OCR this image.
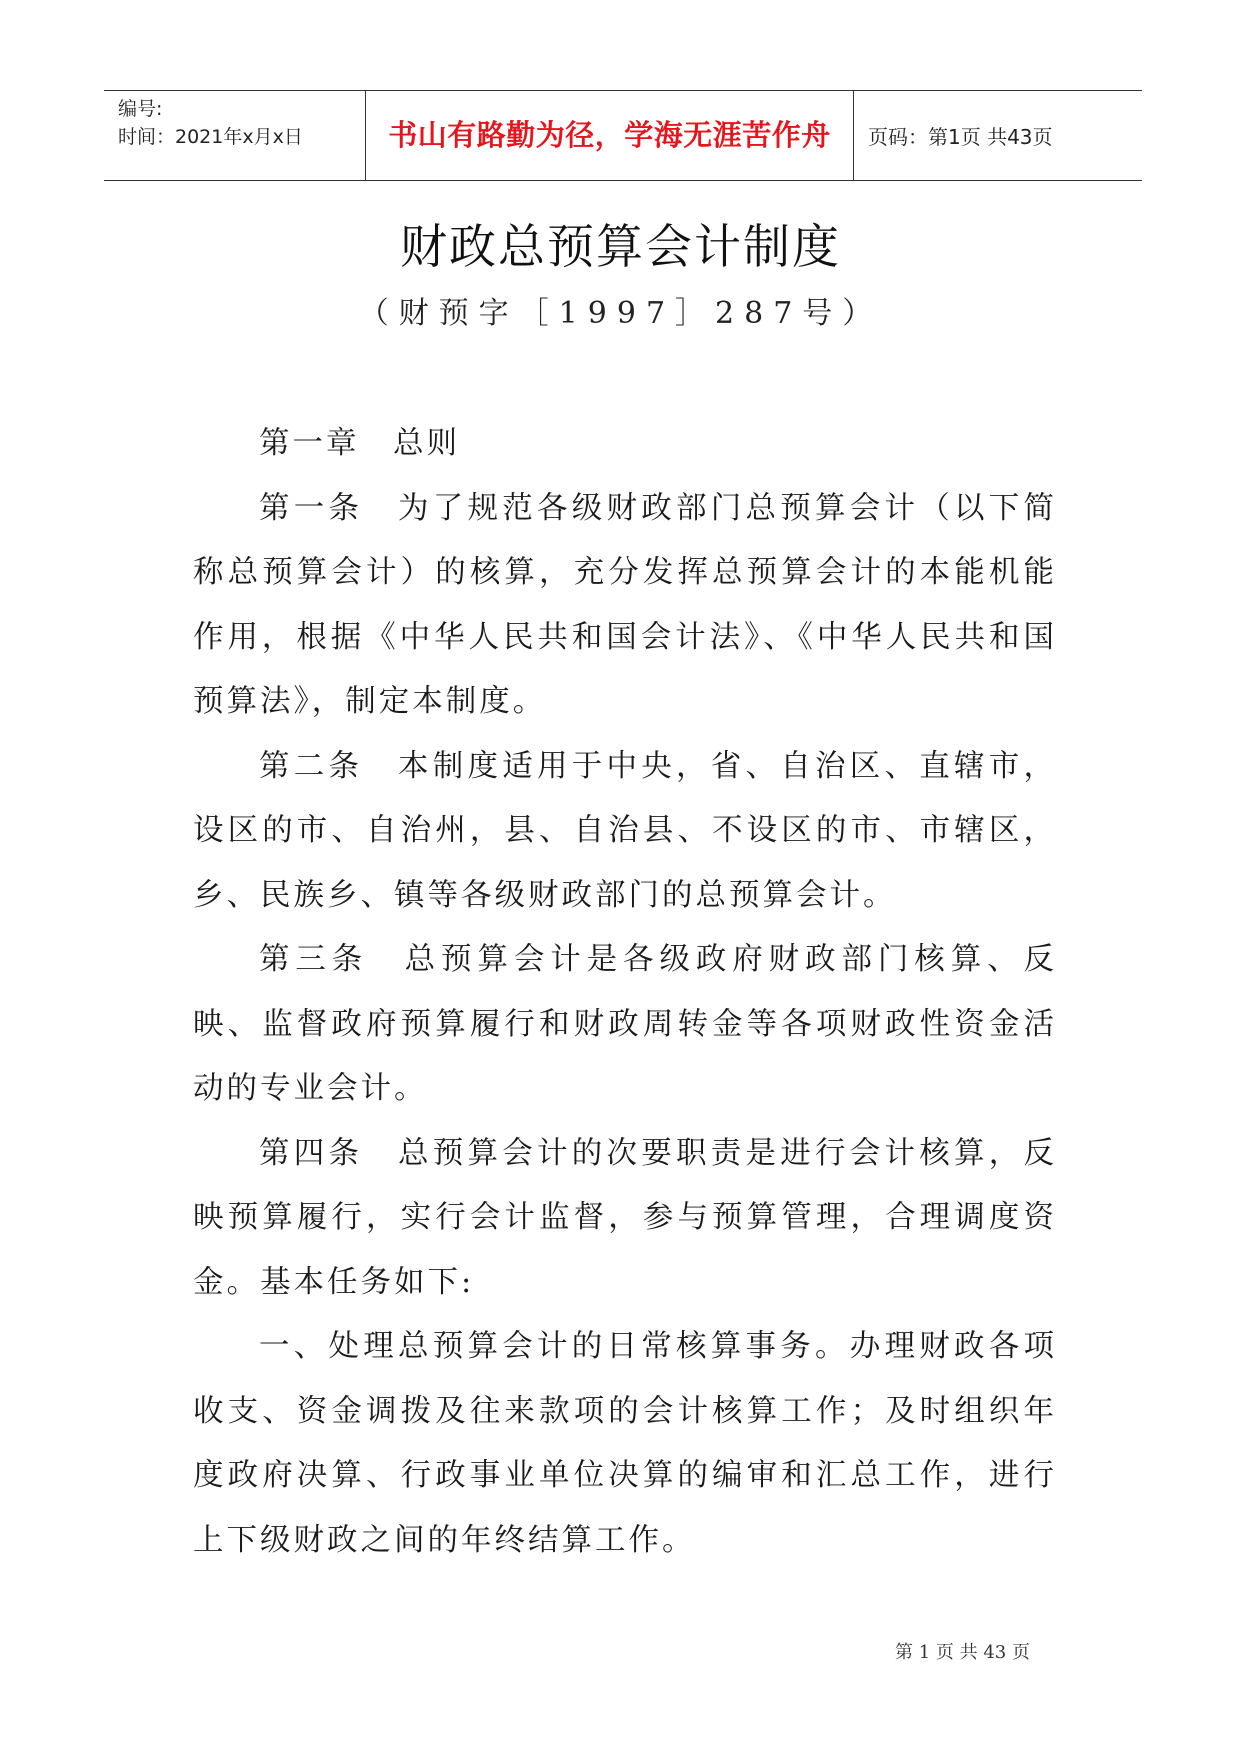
编号:
时间：2021年x月x日	书山有路勤为径，学海无涯苦作舟 页码：第1页 共43页
财政总预算会计制度
（财预字［1997］287号）

第一章　总则

第一条　为了规范各级财政部门总预算会计（以下简称总预算会计）的核算，充分发挥总预算会计的本能机能作用，根据《中华人民共和国会计法》、《中华人民共和国预算法》，制定本制度。

第二条　本制度适用于中央，省、自治区、直辖市，设区的市、自治州，县、自治县、不设区的市、市辖区，乡、民族乡、镇等各级财政部门的总预算会计。

第三条　总预算会计是各级政府财政部门核算、反映、监督政府预算履行和财政周转金等各项财政性资金活动的专业会计。

第四条　总预算会计的次要职责是进行会计核算，反映预算履行，实行会计监督，参与预算管理，合理调度资金。基本任务如下:

一、处理总预算会计的日常核算事务。办理财政各项收支、资金调拨及往来款项的会计核算工作；及时组织年度政府决算、行政事业单位决算的编审和汇总工作，进行上下级财政之间的年终结算工作。

第 1 页 共 43 页
